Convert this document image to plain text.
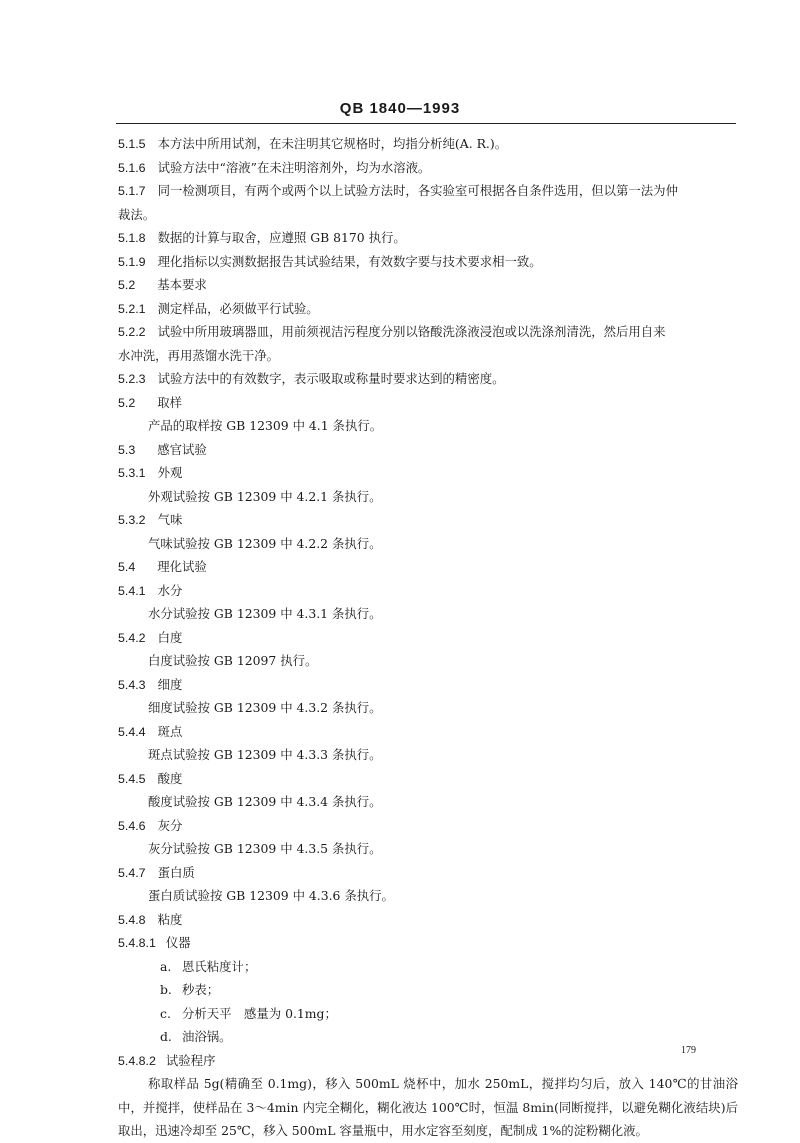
QB 1840—1993
5.1.5 本方法中所用试剂，在未注明其它规格时，均指分析纯(A. R.)。
5.1.6 试验方法中“溶液”在未注明溶剂外，均为水溶液。
5.1.7 同一检测项目，有两个或两个以上试验方法时，各实验室可根据各自条件选用，但以第一法为仲
裁法。
5.1.8 数据的计算与取舍，应遵照 GB 8170 执行。
5.1.9 理化指标以实测数据报告其试验结果，有效数字要与技术要求相一致。
5.2 基本要求
5.2.1 测定样品，必须做平行试验。
5.2.2 试验中所用玻璃器皿，用前须视洁污程度分别以铬酸洗涤液浸泡或以洗涤剂清洗，然后用自来
水冲洗，再用蒸馏水洗干净。
5.2.3 试验方法中的有效数字，表示吸取或称量时要求达到的精密度。
5.2 取样
产品的取样按 GB 12309 中 4.1 条执行。
5.3 感官试验
5.3.1 外观
外观试验按 GB 12309 中 4.2.1 条执行。
5.3.2 气味
气味试验按 GB 12309 中 4.2.2 条执行。
5.4 理化试验
5.4.1 水分
水分试验按 GB 12309 中 4.3.1 条执行。
5.4.2 白度
白度试验按 GB 12097 执行。
5.4.3 细度
细度试验按 GB 12309 中 4.3.2 条执行。
5.4.4 斑点
斑点试验按 GB 12309 中 4.3.3 条执行。
5.4.5 酸度
酸度试验按 GB 12309 中 4.3.4 条执行。
5.4.6 灰分
灰分试验按 GB 12309 中 4.3.5 条执行。
5.4.7 蛋白质
蛋白质试验按 GB 12309 中 4.3.6 条执行。
5.4.8 粘度
5.4.8.1 仪器
a. 恩氏粘度计；
b. 秒表；
c. 分析天平　感量为 0.1mg；
d. 油浴锅。
5.4.8.2 试验程序
称取样品 5g(精确至 0.1mg)，移入 500mL 烧杯中，加水 250mL，搅拌均匀后，放入 140℃的甘油浴中，并搅拌，使样品在 3～4min 内完全糊化，糊化液达 100℃时，恒温 8min(同断搅拌，以避免糊化液结块)后取出，迅速冷却至 25℃，移入 500mL 容量瓶中，用水定容至刻度，配制成 1%的淀粉糊化液。
179
